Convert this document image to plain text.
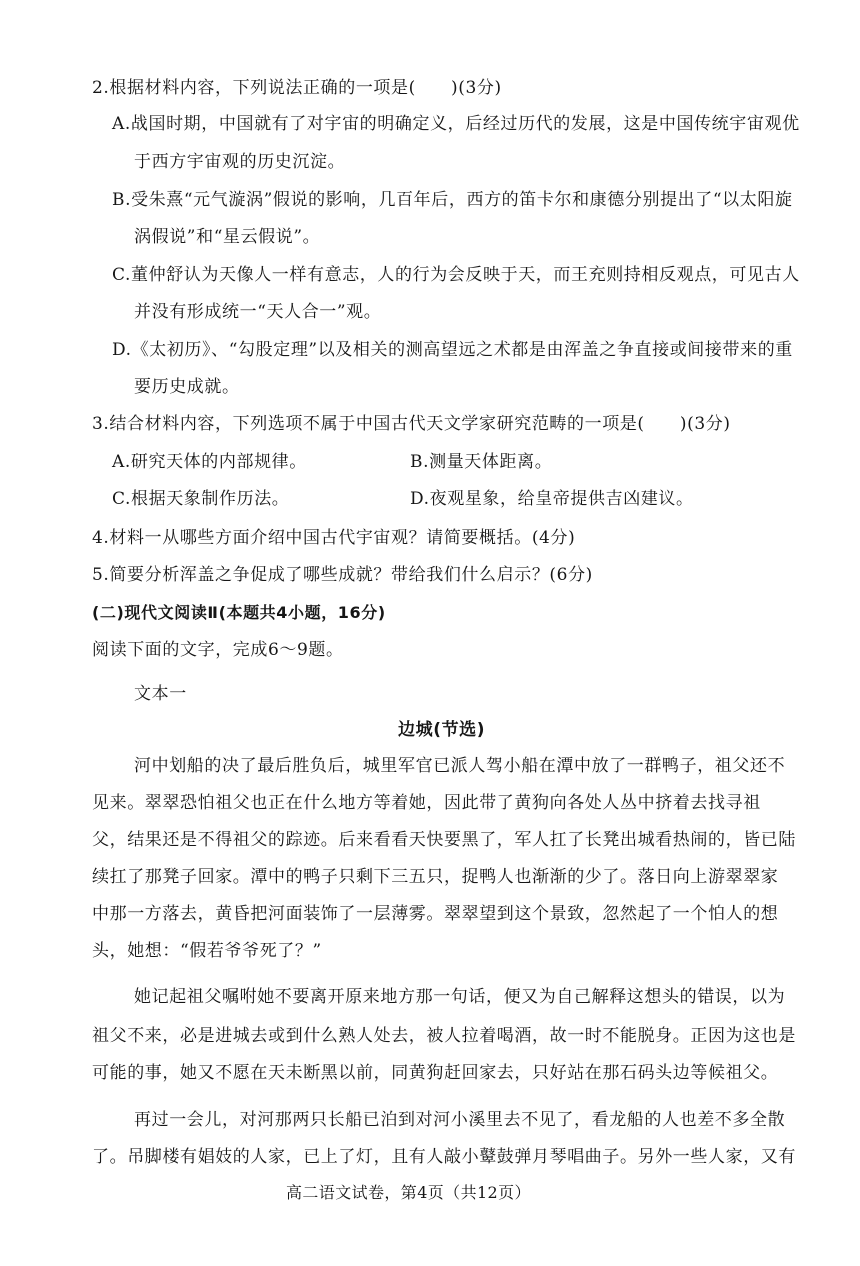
2.根据材料内容，下列说法正确的一项是(　　)(3分)
A.战国时期，中国就有了对宇宙的明确定义，后经过历代的发展，这是中国传统宇宙观优
于西方宇宙观的历史沉淀。
B.受朱熹“元气漩涡”假说的影响，几百年后，西方的笛卡尔和康德分别提出了“以太阳旋
涡假说”和“星云假说”。
C.董仲舒认为天像人一样有意志，人的行为会反映于天，而王充则持相反观点，可见古人
并没有形成统一“天人合一”观。
D.《太初历》、“勾股定理”以及相关的测高望远之术都是由浑盖之争直接或间接带来的重
要历史成就。
3.结合材料内容，下列选项不属于中国古代天文学家研究范畴的一项是(　　)(3分)
A.研究天体的内部规律。	B.测量天体距离。
C.根据天象制作历法。	D.夜观星象，给皇帝提供吉凶建议。
4.材料一从哪些方面介绍中国古代宇宙观？请简要概括。(4分)
5.简要分析浑盖之争促成了哪些成就？带给我们什么启示？(6分)
(二)现代文阅读Ⅱ(本题共4小题，16分)
阅读下面的文字，完成6～9题。
文本一
边城(节选)
河中划船的决了最后胜负后，城里军官已派人驾小船在潭中放了一群鸭子，祖父还不
见来。翠翠恐怕祖父也正在什么地方等着她，因此带了黄狗向各处人丛中挤着去找寻祖
父，结果还是不得祖父的踪迹。后来看看天快要黑了，军人扛了长凳出城看热闹的，皆已陆
续扛了那凳子回家。潭中的鸭子只剩下三五只，捉鸭人也渐渐的少了。落日向上游翠翠家
中那一方落去，黄昏把河面装饰了一层薄雾。翠翠望到这个景致，忽然起了一个怕人的想
头，她想：“假若爷爷死了？”
她记起祖父嘱咐她不要离开原来地方那一句话，便又为自己解释这想头的错误，以为
祖父不来，必是进城去或到什么熟人处去，被人拉着喝酒，故一时不能脱身。正因为这也是
可能的事，她又不愿在天未断黑以前，同黄狗赶回家去，只好站在那石码头边等候祖父。
再过一会儿，对河那两只长船已泊到对河小溪里去不见了，看龙船的人也差不多全散
了。吊脚楼有娼妓的人家，已上了灯，且有人敲小鼙鼓弹月琴唱曲子。另外一些人家，又有
高二语文试卷，第4页（共12页）
